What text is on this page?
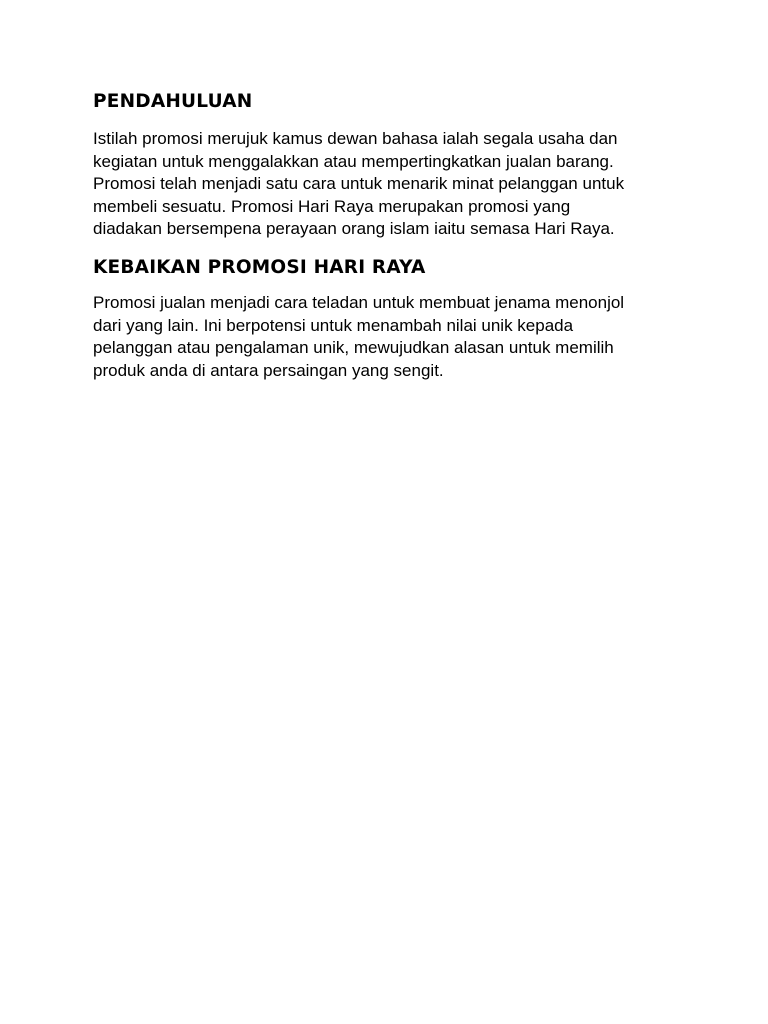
PENDAHULUAN

Istilah promosi merujuk kamus dewan bahasa ialah segala usaha dan
kegiatan untuk menggalakkan atau mempertingkatkan jualan barang.
Promosi telah menjadi satu cara untuk menarik minat pelanggan untuk
membeli sesuatu. Promosi Hari Raya merupakan promosi yang
diadakan bersempena perayaan orang islam iaitu semasa Hari Raya.

KEBAIKAN PROMOSI HARI RAYA

Promosi jualan menjadi cara teladan untuk membuat jenama menonjol
dari yang lain. Ini berpotensi untuk menambah nilai unik kepada
pelanggan atau pengalaman unik, mewujudkan alasan untuk memilih
produk anda di antara persaingan yang sengit.
